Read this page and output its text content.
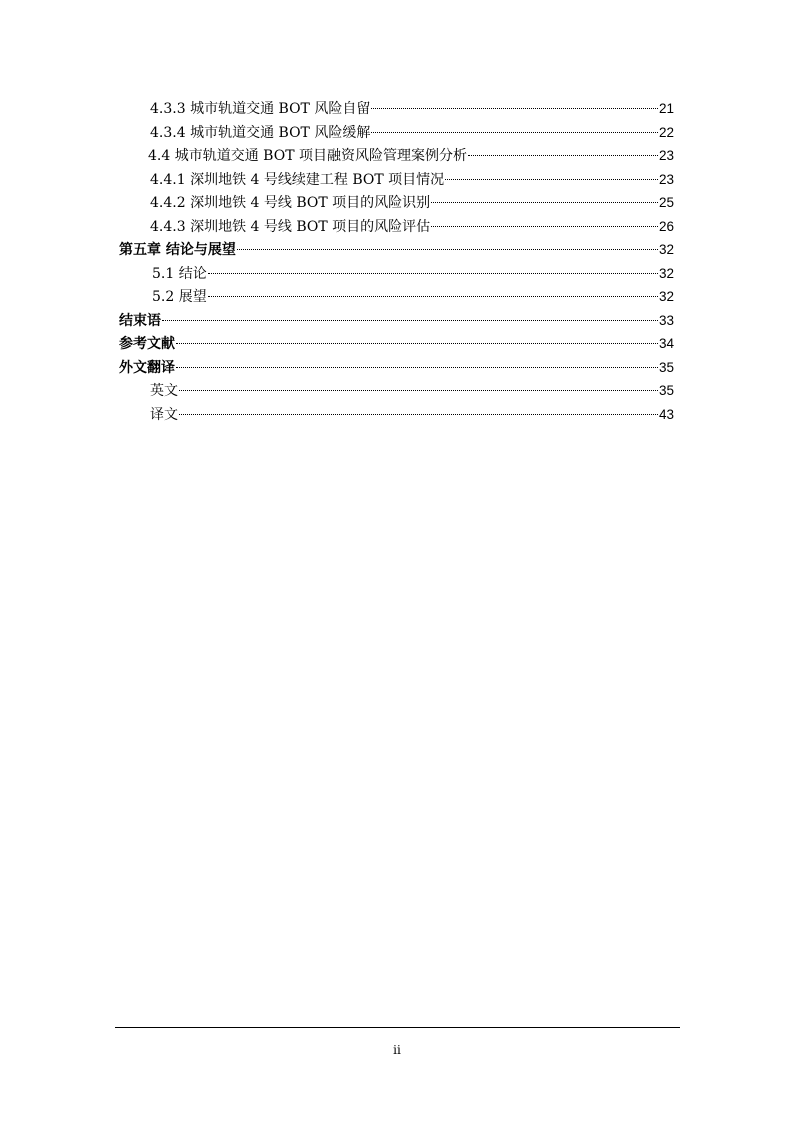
4.3.3 城市轨道交通 BOT 风险自留	21
4.3.4 城市轨道交通 BOT 风险缓解	22
4.4 城市轨道交通 BOT 项目融资风险管理案例分析	23
4.4.1 深圳地铁 4 号线续建工程 BOT 项目情况	23
4.4.2 深圳地铁 4 号线 BOT 项目的风险识别	25
4.4.3 深圳地铁 4 号线 BOT 项目的风险评估	26
第五章 结论与展望	32
5.1 结论	32
5.2 展望	32
结束语	33
参考文献	34
外文翻译	35
英文	35
译文	43
ii
